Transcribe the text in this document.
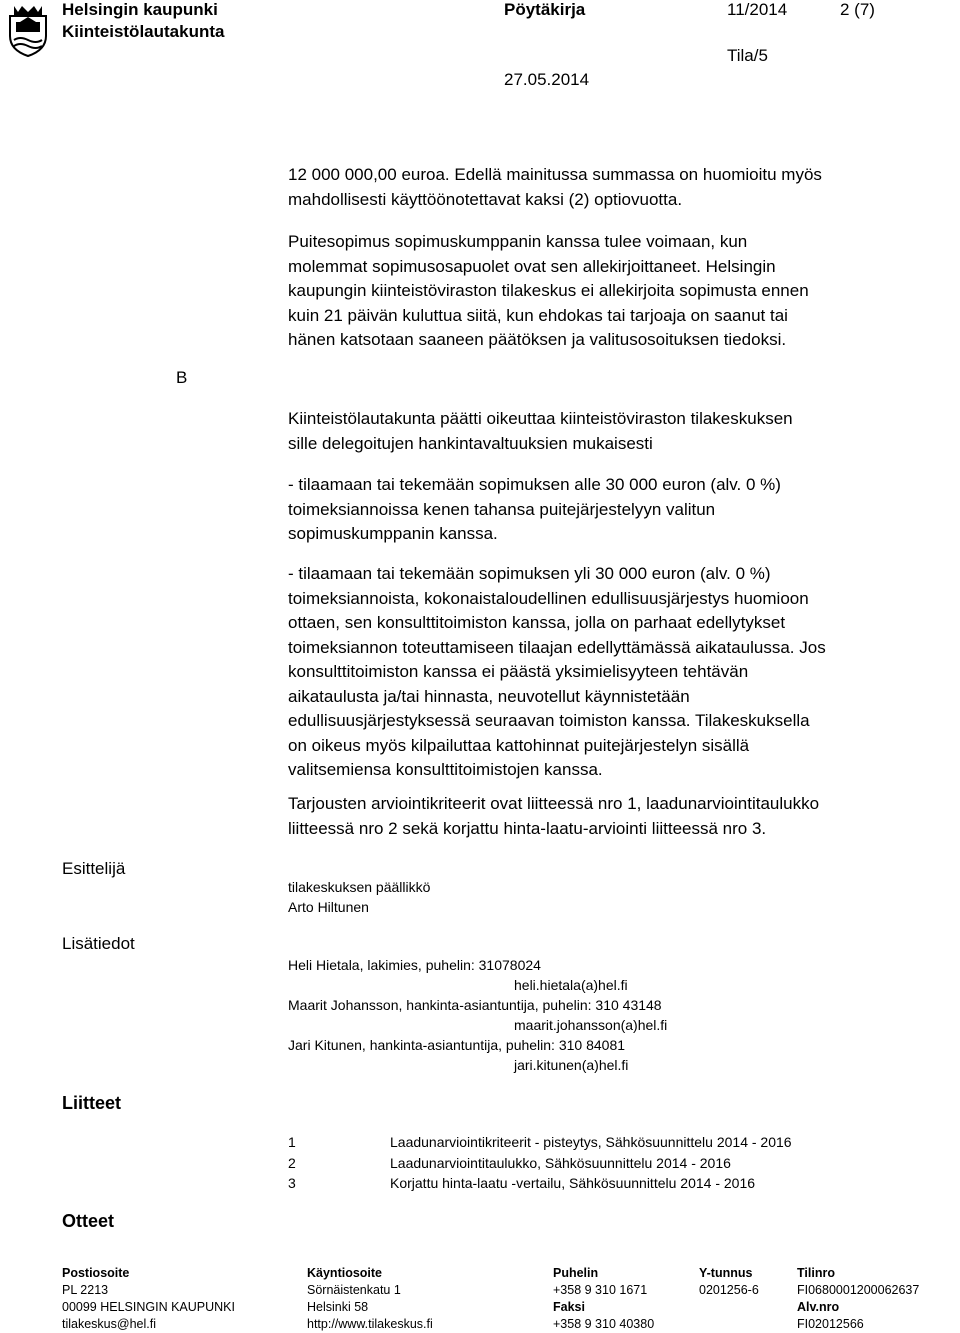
Helsingin kaupunki
Kiinteistölautakunta
Pöytäkirja	11/2014	2 (7)
Tila/5
27.05.2014
12 000 000,00 euroa. Edellä mainitussa summassa on huomioitu myös
mahdollisesti käyttöönotettavat kaksi (2) optiovuotta.
Puitesopimus sopimuskumppanin kanssa tulee voimaan, kun
molemmat sopimusosapuolet ovat sen allekirjoittaneet. Helsingin
kaupungin kiinteistöviraston tilakeskus ei allekirjoita sopimusta ennen
kuin 21 päivän kuluttua siitä, kun ehdokas tai tarjoaja on saanut tai
hänen katsotaan saaneen päätöksen ja valitusosoituksen tiedoksi.
B
Kiinteistölautakunta päätti oikeuttaa kiinteistöviraston tilakeskuksen
sille delegoitujen hankintavaltuuksien mukaisesti
- tilaamaan tai tekemään sopimuksen alle 30 000 euron (alv. 0 %)
toimeksiannoissa kenen tahansa puitejärjestelyyn valitun
sopimuskumppanin kanssa.
- tilaamaan tai tekemään sopimuksen yli 30 000 euron (alv. 0 %)
toimeksiannoista, kokonaistaloudellinen edullisuusjärjestys huomioon
ottaen, sen konsulttitoimiston kanssa, jolla on parhaat edellytykset
toimeksiannon toteuttamiseen tilaajan edellyttämässä aikataulussa. Jos
konsulttitoimiston kanssa ei päästä yksimielisyyteen tehtävän
aikataulusta ja/tai hinnasta, neuvotellut käynnistetään
edullisuusjärjestyksessä seuraavan toimiston kanssa. Tilakeskuksella
on oikeus myös kilpailuttaa kattohinnat puitejärjestelyn sisällä
valitsemiensa konsulttitoimistojen kanssa.
Tarjousten arviointikriteerit ovat liitteessä nro 1, laadunarviointitaulukko
liitteessä nro 2 sekä korjattu hinta-laatu-arviointi liitteessä nro 3.
Esittelijä
tilakeskuksen päällikkö
Arto Hiltunen
Lisätiedot
Heli Hietala, lakimies, puhelin: 31078024
heli.hietala(a)hel.fi
Maarit Johansson, hankinta-asiantuntija, puhelin: 310 43148
maarit.johansson(a)hel.fi
Jari Kitunen, hankinta-asiantuntija, puhelin: 310 84081
jari.kitunen(a)hel.fi
Liitteet
1	Laadunarviointikriteerit - pisteytys, Sähkösuunnittelu 2014 - 2016
2	Laadunarviointitaulukko, Sähkösuunnittelu 2014 - 2016
3	Korjattu hinta-laatu -vertailu, Sähkösuunnittelu 2014 - 2016
Otteet
Postiosoite
PL 2213
00099 HELSINGIN KAUPUNKI
tilakeskus@hel.fi
Käyntiosoite
Sörnäistenkatu 1
Helsinki 58
http://www.tilakeskus.fi
Puhelin
+358 9 310 1671
Faksi
+358 9 310 40380
Y-tunnus
0201256-6

Tilinro
FI0680001200062637
Alv.nro
FI02012566
